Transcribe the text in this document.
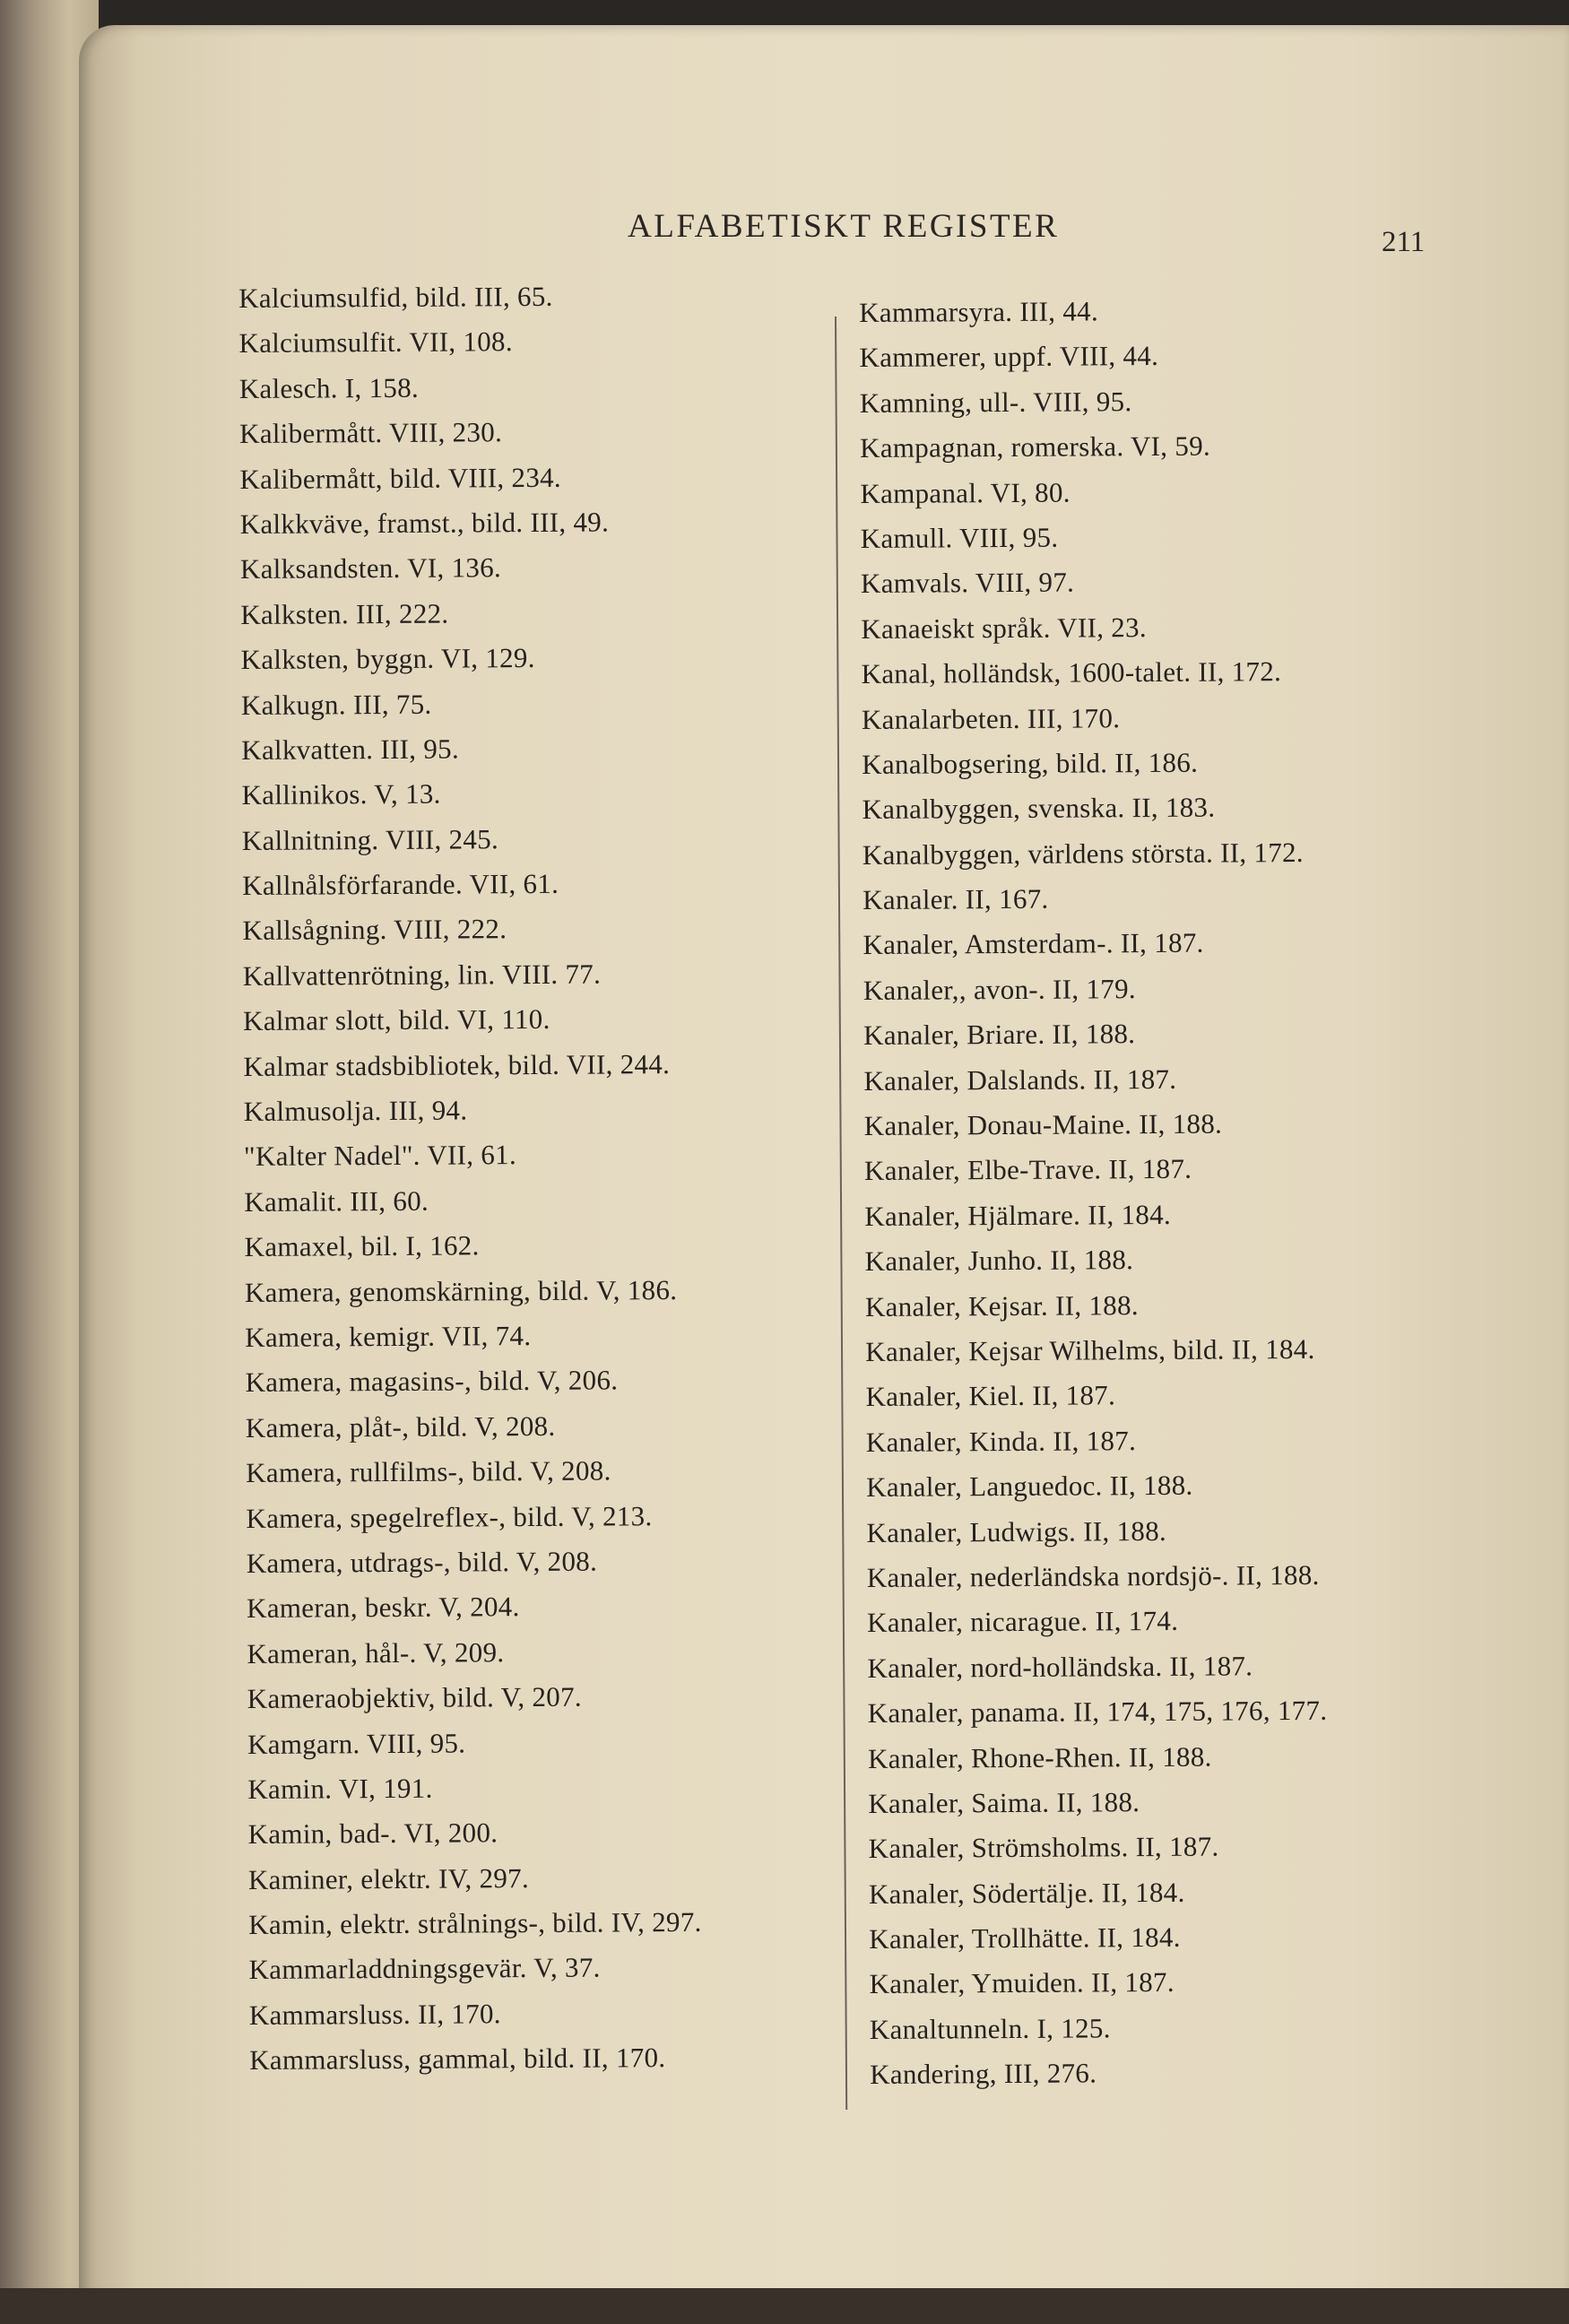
ALFABETISKT REGISTER	211
Kalciumsulfid, bild. III, 65.
Kalciumsulfit. VII, 108.
Kalesch. I, 158.
Kalibermått. VIII, 230.
Kalibermått, bild. VIII, 234.
Kalkkväve, framst., bild. III, 49.
Kalksandsten. VI, 136.
Kalksten. III, 222.
Kalksten, byggn. VI, 129.
Kalkugn. III, 75.
Kalkvatten. III, 95.
Kallinikos. V, 13.
Kallnitning. VIII, 245.
Kallnålsförfarande. VII, 61.
Kallsågning. VIII, 222.
Kallvattenrötning, lin. VIII. 77.
Kalmar slott, bild. VI, 110.
Kalmar stadsbibliotek, bild. VII, 244.
Kalmusolja. III, 94.
"Kalter Nadel". VII, 61.
Kamalit. III, 60.
Kamaxel, bil. I, 162.
Kamera, genomskärning, bild. V, 186.
Kamera, kemigr. VII, 74.
Kamera, magasins-, bild. V, 206.
Kamera, plåt-, bild. V, 208.
Kamera, rullfilms-, bild. V, 208.
Kamera, spegelreflex-, bild. V, 213.
Kamera, utdrags-, bild. V, 208.
Kameran, beskr. V, 204.
Kameran, hål-. V, 209.
Kameraobjektiv, bild. V, 207.
Kamgarn. VIII, 95.
Kamin. VI, 191.
Kamin, bad-. VI, 200.
Kaminer, elektr. IV, 297.
Kamin, elektr. strålnings-, bild. IV, 297.
Kammarladdningsgevär. V, 37.
Kammarsluss. II, 170.
Kammarsluss, gammal, bild. II, 170.
Kammarsyra. III, 44.
Kammerer, uppf. VIII, 44.
Kamning, ull-. VIII, 95.
Kampagnan, romerska. VI, 59.
Kampanal. VI, 80.
Kamull. VIII, 95.
Kamvals. VIII, 97.
Kanaeiskt språk. VII, 23.
Kanal, holländsk, 1600-talet. II, 172.
Kanalarbeten. III, 170.
Kanalbogsering, bild. II, 186.
Kanalbyggen, svenska. II, 183.
Kanalbyggen, världens största. II, 172.
Kanaler. II, 167.
Kanaler, Amsterdam-. II, 187.
Kanaler,, avon-. II, 179.
Kanaler, Briare. II, 188.
Kanaler, Dalslands. II, 187.
Kanaler, Donau-Maine. II, 188.
Kanaler, Elbe-Trave. II, 187.
Kanaler, Hjälmare. II, 184.
Kanaler, Junho. II, 188.
Kanaler, Kejsar. II, 188.
Kanaler, Kejsar Wilhelms, bild. II, 184.
Kanaler, Kiel. II, 187.
Kanaler, Kinda. II, 187.
Kanaler, Languedoc. II, 188.
Kanaler, Ludwigs. II, 188.
Kanaler, nederländska nordsjö-. II, 188.
Kanaler, nicarague. II, 174.
Kanaler, nord-holländska. II, 187.
Kanaler, panama. II, 174, 175, 176, 177.
Kanaler, Rhone-Rhen. II, 188.
Kanaler, Saima. II, 188.
Kanaler, Strömsholms. II, 187.
Kanaler, Södertälje. II, 184.
Kanaler, Trollhätte. II, 184.
Kanaler, Ymuiden. II, 187.
Kanaltunneln. I, 125.
Kandering, III, 276.
